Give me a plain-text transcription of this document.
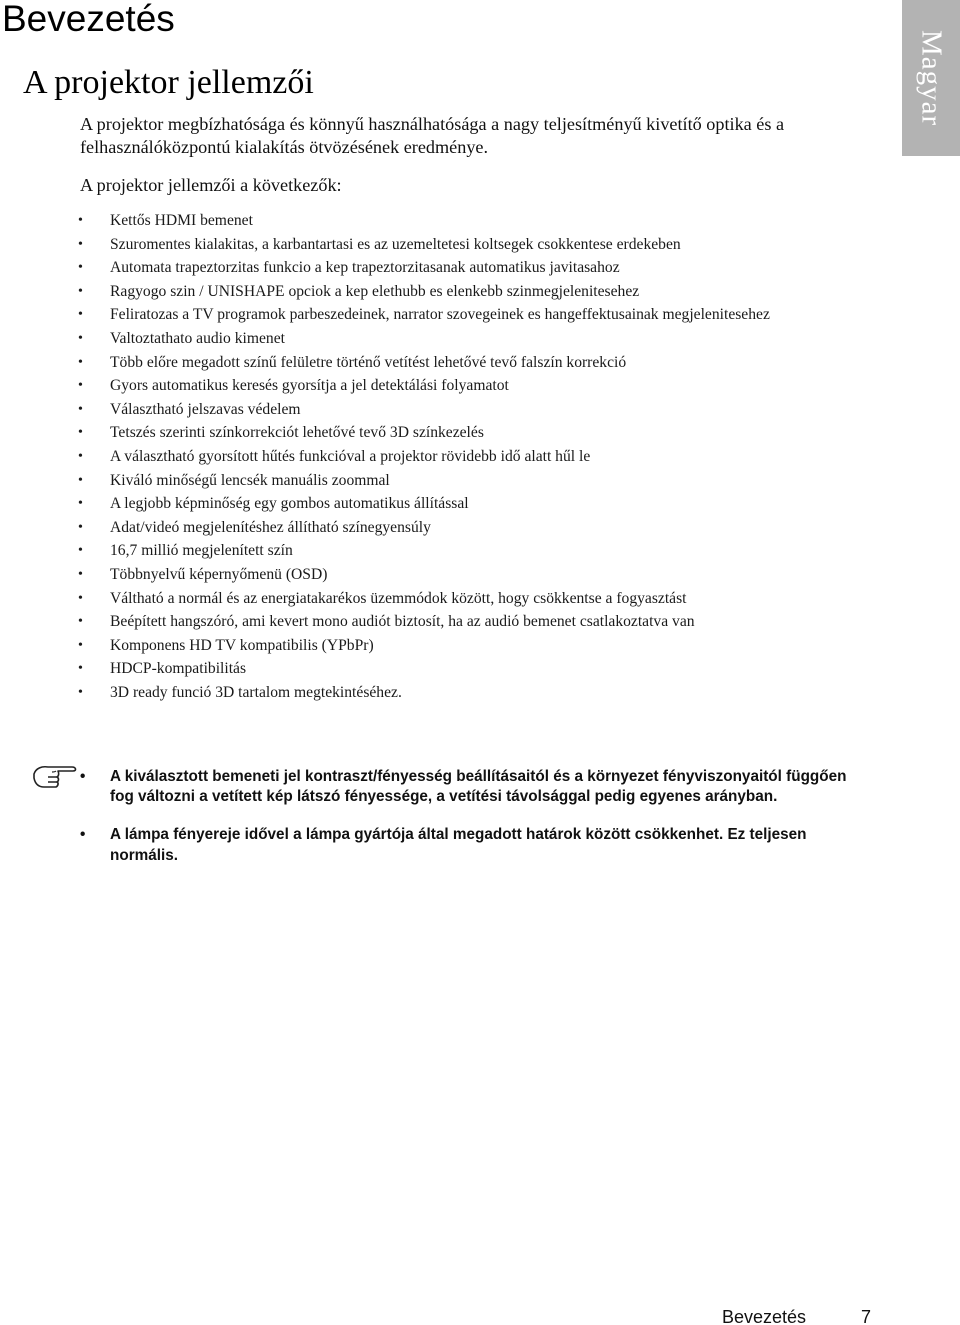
Bevezetés
A projektor jellemzői	Magyar

A projektor megbízhatósága és könnyű használhatósága a nagy teljesítményű kivetítő optika és a felhasználóközpontú kialakítás ötvözésének eredménye.

A projektor jellemzői a következők:

• Kettős HDMI bemenet
• Szuromentes kialakitas, a karbantartasi es az uzemeltetesi koltsegek csokkentese erdekeben
• Automata trapeztorzitas funkcio a kep trapeztorzitasanak automatikus javitasahoz
• Ragyogo szin / UNISHAPE opciok a kep elethubb es elenkebb szinmegjelenitesehez
• Feliratozas a TV programok parbeszedeinek, narrator szovegeinek es hangeffektusainak megjelenitesehez
• Valtoztathato audio kimenet
• Több előre megadott színű felületre történő vetítést lehetővé tevő falszín korrekció
• Gyors automatikus keresés gyorsítja a jel detektálási folyamatot
• Választható jelszavas védelem
• Tetszés szerinti színkorrekciót lehetővé tevő 3D színkezelés
• A választható gyorsított hűtés funkcióval a projektor rövidebb idő alatt hűl le
• Kiváló minőségű lencsék manuális zoommal
• A legjobb képminőség egy gombos automatikus állítással
• Adat/videó megjelenítéshez állítható színegyensúly
• 16,7 millió megjelenített szín
• Többnyelvű képernyőmenü (OSD)
• Váltható a normál és az energiatakarékos üzemmódok között, hogy csökkentse a fogyasztást
• Beépített hangszóró, ami kevert mono audiót biztosít, ha az audió bemenet csatlakoztatva van
• Komponens HD TV kompatibilis (YPbPr)
• HDCP-kompatibilitás
• 3D ready funció 3D tartalom megtekintéséhez.
• A kiválasztott bemeneti jel kontraszt/fényesség beállításaitól és a környezet fényviszonyaitól függően fog változni a vetített kép látszó fényessége, a vetítési távolsággal pedig egyenes arányban.
• A lámpa fényereje idővel a lámpa gyártója által megadott határok között csökkenhet. Ez teljesen normális.
Bevezetés	7
